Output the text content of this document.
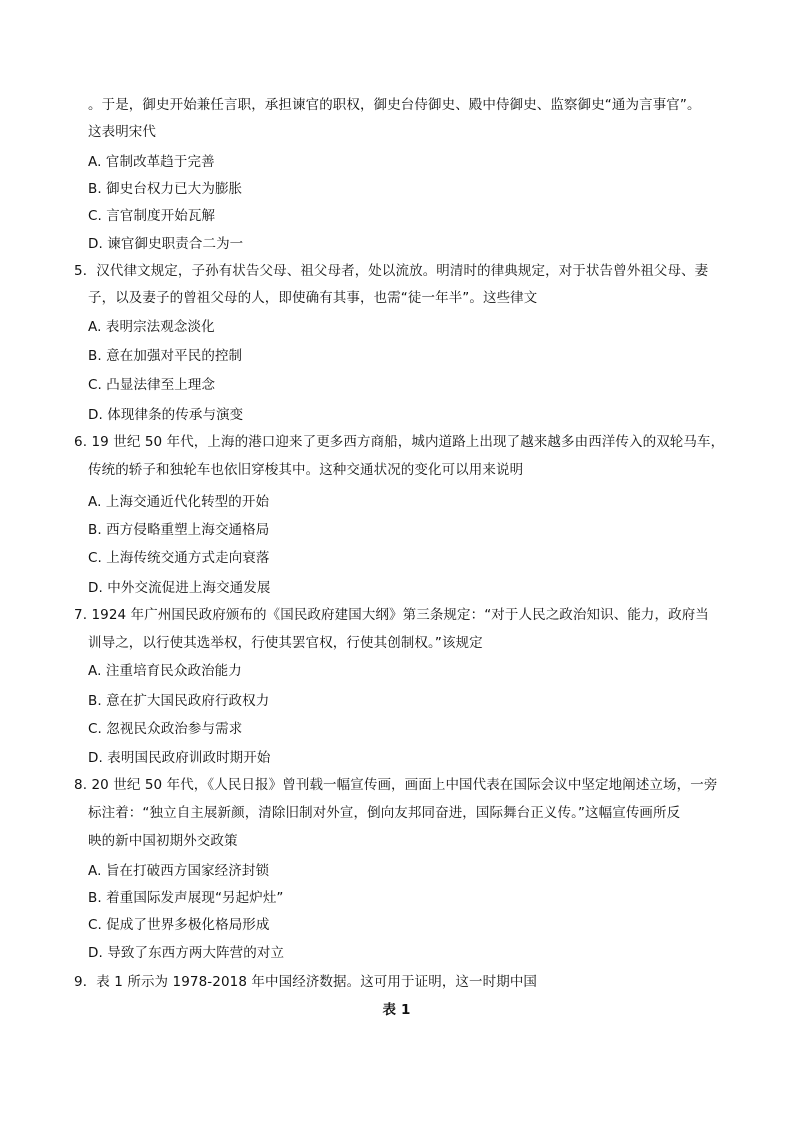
。于是，御史开始兼任言职，承担谏官的职权，御史台侍御史、殿中侍御史、监察御史“通为言事官”。
这表明宋代
A. 官制改革趋于完善
B. 御史台权力已大为膨胀
C. 言官制度开始瓦解
D. 谏官御史职责合二为一
5．汉代律文规定，子孙有状告父母、祖父母者，处以流放。明清时的律典规定，对于状告曾外祖父母、妻
子，以及妻子的曾祖父母的人，即使确有其事，也需“徒一年半”。这些律文
A. 表明宗法观念淡化
B. 意在加强对平民的控制
C. 凸显法律至上理念
D. 体现律条的传承与演变
6. 19 世纪 50 年代，上海的港口迎来了更多西方商船，城内道路上出现了越来越多由西洋传入的双轮马车，
传统的轿子和独轮车也依旧穿梭其中。这种交通状况的变化可以用来说明
A. 上海交通近代化转型的开始
B. 西方侵略重塑上海交通格局
C. 上海传统交通方式走向衰落
D. 中外交流促进上海交通发展
7. 1924 年广州国民政府颁布的《国民政府建国大纲》第三条规定：“对于人民之政治知识、能力，政府当
训导之，以行使其选举权，行使其罢官权，行使其创制权。”该规定
A. 注重培育民众政治能力
B. 意在扩大国民政府行政权力
C. 忽视民众政治参与需求
D. 表明国民政府训政时期开始
8. 20 世纪 50 年代，《人民日报》曾刊载一幅宣传画，画面上中国代表在国际会议中坚定地阐述立场，一旁
标注着：“独立自主展新颜，清除旧制对外宣，倒向友邦同奋进，国际舞台正义传。”这幅宣传画所反
映的新中国初期外交政策
A. 旨在打破西方国家经济封锁
B. 着重国际发声展现“另起炉灶”
C. 促成了世界多极化格局形成
D. 导致了东西方两大阵营的对立
9．表 1 所示为 1978-2018 年中国经济数据。这可用于证明，这一时期中国
表 1
